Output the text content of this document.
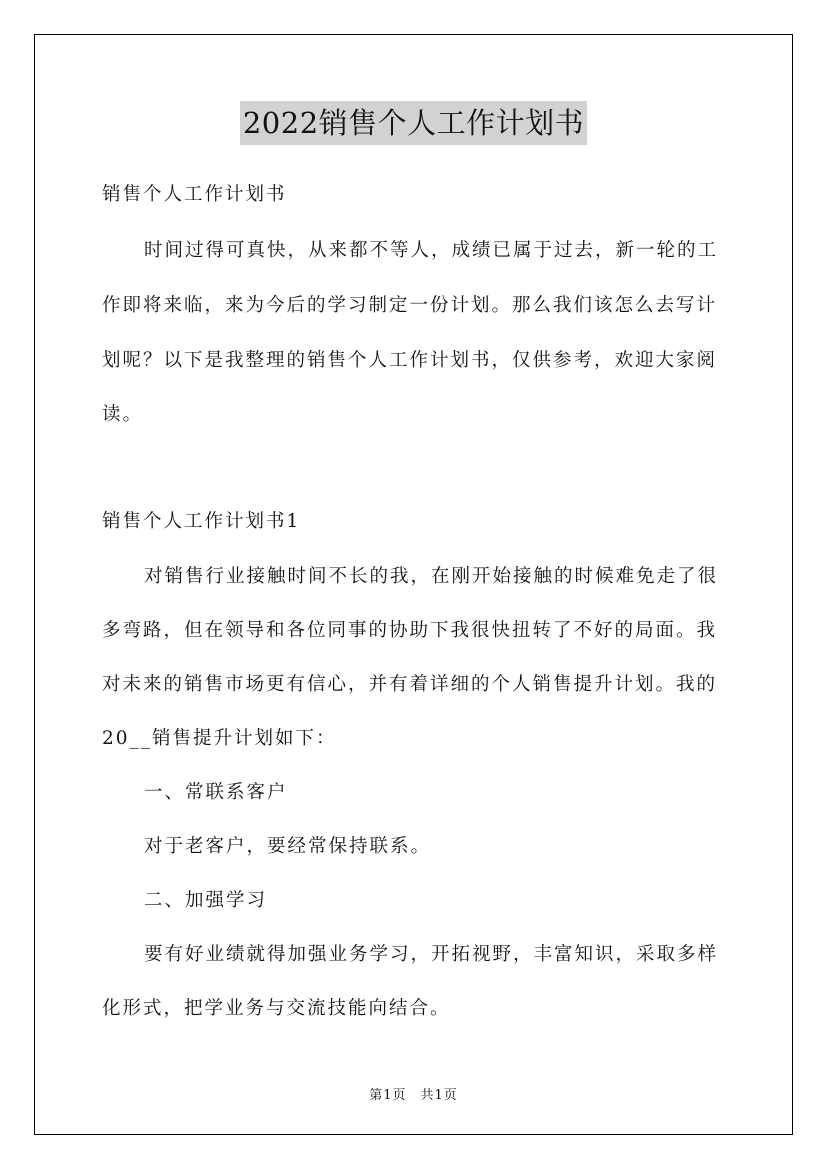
2022销售个人工作计划书
销售个人工作计划书
时间过得可真快，从来都不等人，成绩已属于过去，新一轮的工
作即将来临，来为今后的学习制定一份计划。那么我们该怎么去写计
划呢？以下是我整理的销售个人工作计划书，仅供参考，欢迎大家阅
读。
销售个人工作计划书1
对销售行业接触时间不长的我，在刚开始接触的时候难免走了很
多弯路，但在领导和各位同事的协助下我很快扭转了不好的局面。我
对未来的销售市场更有信心，并有着详细的个人销售提升计划。我的
20__销售提升计划如下：
一、常联系客户
对于老客户，要经常保持联系。
二、加强学习
要有好业绩就得加强业务学习，开拓视野，丰富知识，采取多样
化形式，把学业务与交流技能向结合。
第1页　共1页
